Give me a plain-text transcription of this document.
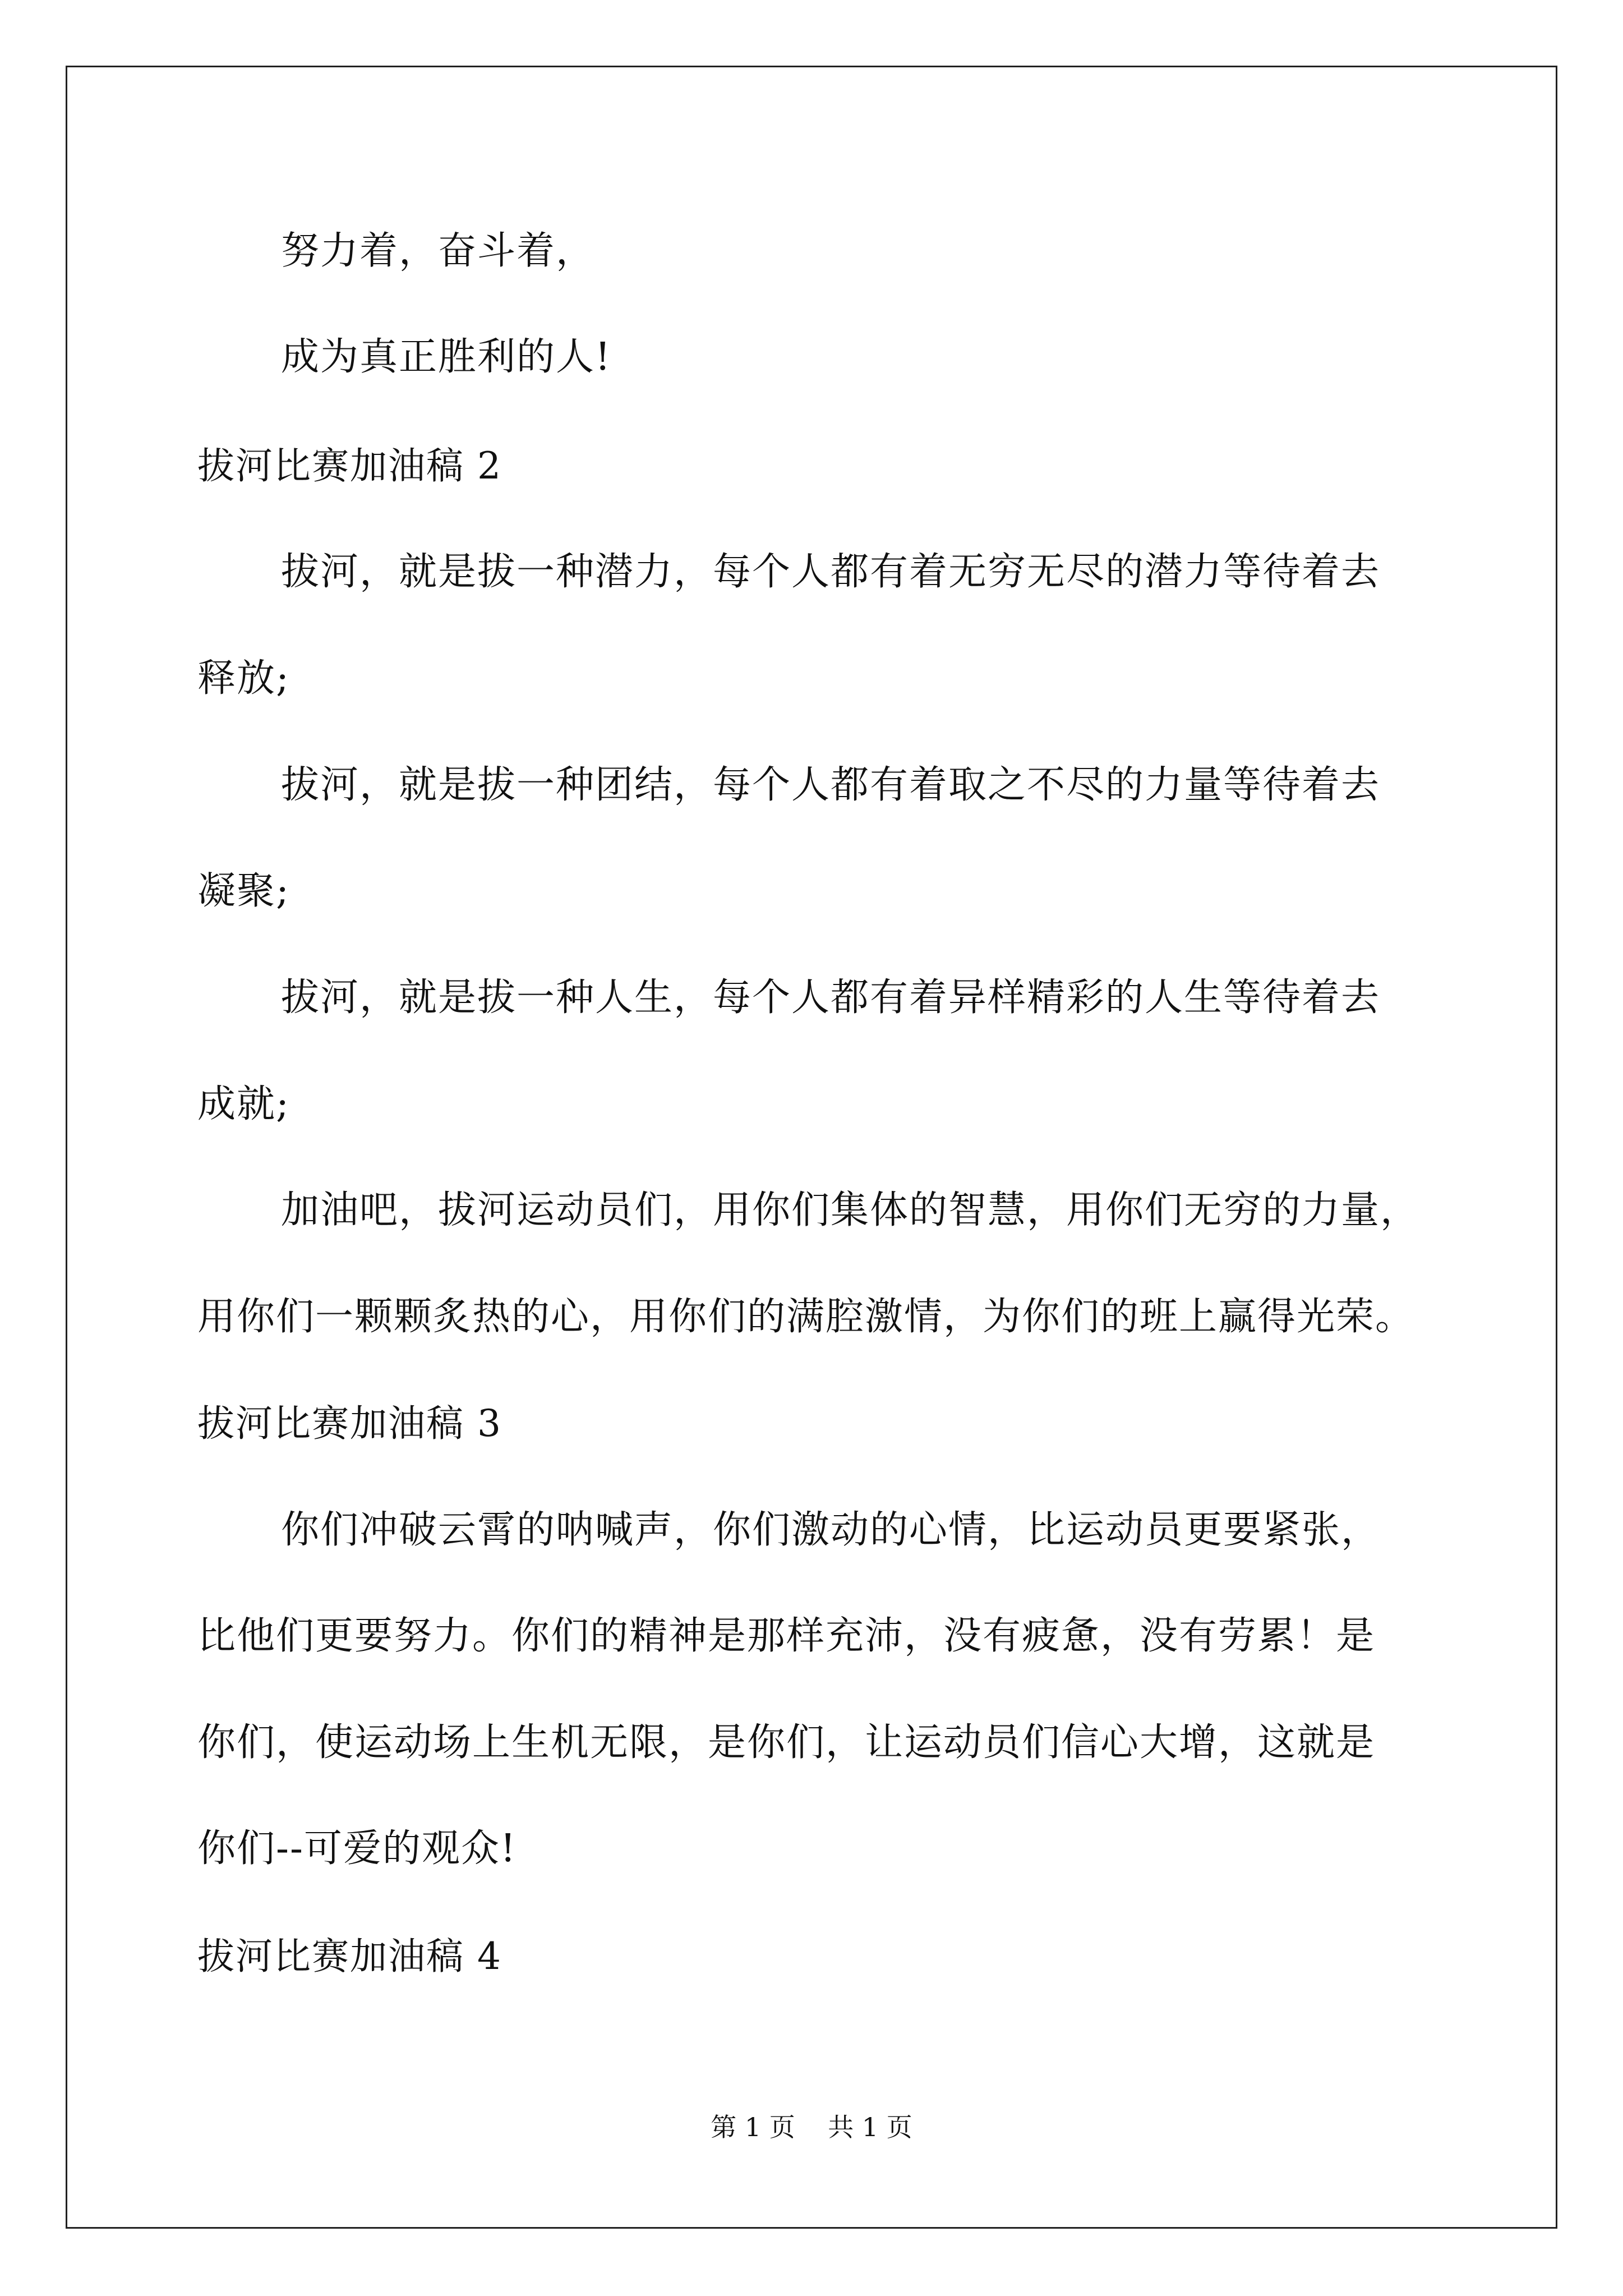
努力着，奋斗着，
成为真正胜利的人!
拔河比赛加油稿 2
拔河，就是拔一种潜力，每个人都有着无穷无尽的潜力等待着去
释放;
拔河，就是拔一种团结，每个人都有着取之不尽的力量等待着去
凝聚;
拔河，就是拔一种人生，每个人都有着异样精彩的人生等待着去
成就;
加油吧，拔河运动员们，用你们集体的智慧，用你们无穷的力量，
用你们一颗颗炙热的心，用你们的满腔激情，为你们的班上赢得光荣。
拔河比赛加油稿 3
你们冲破云霄的呐喊声，你们激动的心情，比运动员更要紧张，
比他们更要努力。你们的精神是那样充沛，没有疲惫，没有劳累！是
你们，使运动场上生机无限，是你们，让运动员们信心大增，这就是
你们--可爱的观众!
拔河比赛加油稿 4
第 1 页    共 1 页
